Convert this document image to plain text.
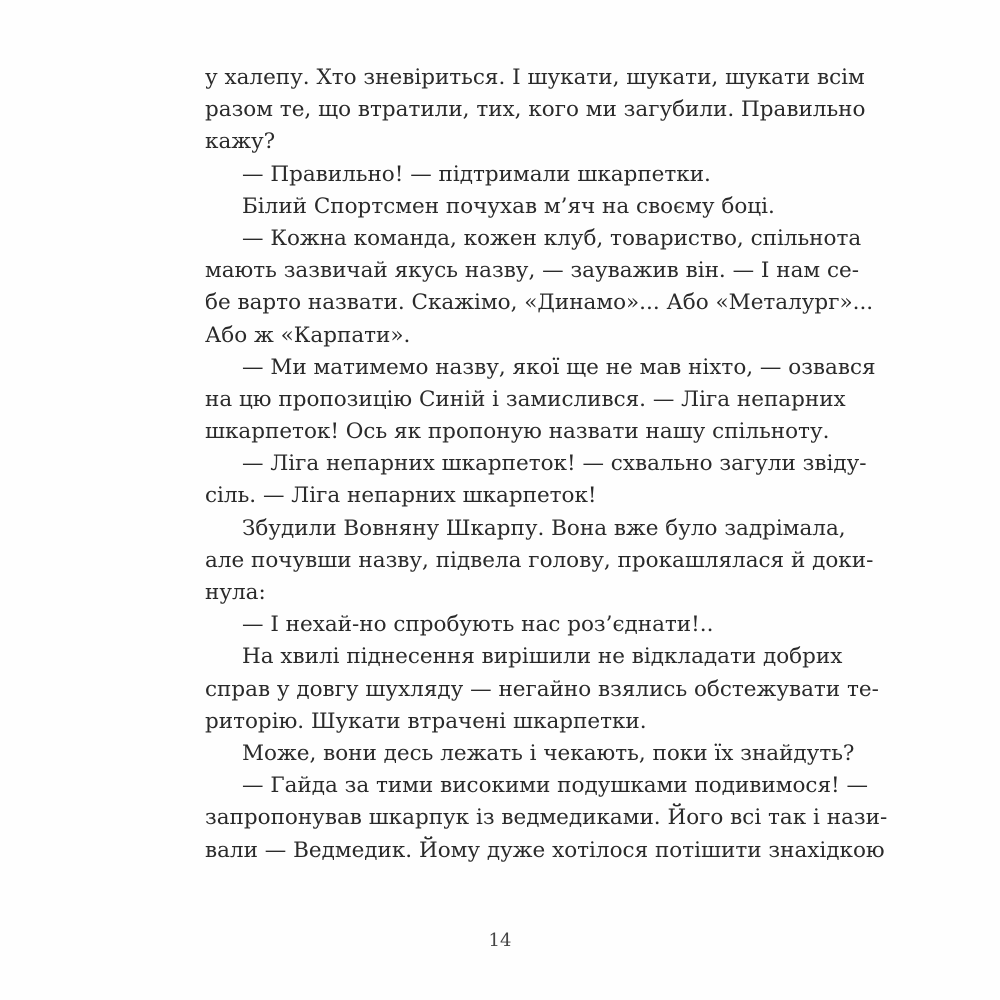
у халепу. Хто зневіриться. І шукати, шукати, шукати всім
разом те, що втратили, тих, кого ми загубили. Правильно
кажу?
— Правильно! — підтримали шкарпетки.
Білий Спортсмен почухав м’яч на своєму боці.
— Кожна команда, кожен клуб, товариство, спільнота
мають зазвичай якусь назву, — зауважив він. — І нам се-
бе варто назвати. Скажімо, «Динамо»... Або «Металург»...
Або ж «Карпати».
— Ми матимемо назву, якої ще не мав ніхто, — озвався
на цю пропозицію Синій і замислився. — Ліга непарних
шкарпеток! Ось як пропоную назвати нашу спільноту.
— Ліга непарних шкарпеток! — схвально загули звіду-
сіль. — Ліга непарних шкарпеток!
Збудили Вовняну Шкарпу. Вона вже було задрімала,
але почувши назву, підвела голову, прокашлялася й доки-
нула:
— І нехай-но спробують нас роз’єднати!..
На хвилі піднесення вирішили не відкладати добрих
справ у довгу шухляду — негайно взялись обстежувати те-
риторію. Шукати втрачені шкарпетки.
Може, вони десь лежать і чекають, поки їх знайдуть?
— Гайда за тими високими подушками подивимося! —
запропонував шкарпук із ведмедиками. Його всі так і нази-
вали — Ведмедик. Йому дуже хотілося потішити знахідкою
14
